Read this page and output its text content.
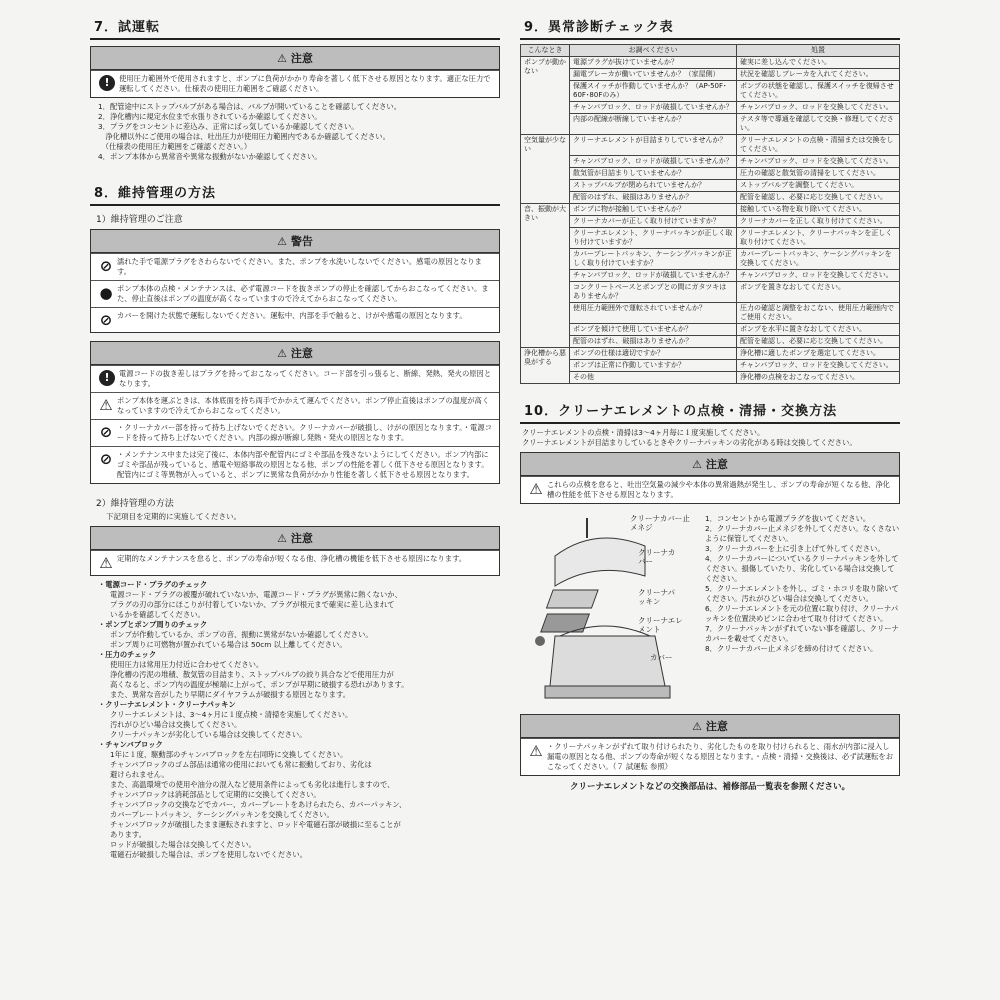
7．試運転
⚠ 注意
!	使用圧力範囲外で使用されますと、ポンプに負荷がかかり寿命を著しく低下させる原因となります。適正な圧力で運転してください。仕様表の使用圧力範囲をご確認ください。
1．配管途中にストップバルブがある場合は、バルブが開いていることを確認してください。
2．浄化槽内に規定水位まで水張りされているか確認してください。
3．プラグをコンセントに差込み、正常にばっ気しているか確認してください。
　浄化槽以外にご使用の場合は、吐出圧力が使用圧力範囲内であるか確認してください。
　（仕様表の使用圧力範囲をご確認ください。）
4．ポンプ本体から異常音や異常な振動がないか確認してください。
8．維持管理の方法
1）維持管理のご注意
⚠ 警告
⊘ 濡れた手で電源プラグをさわらないでください。また、ポンプを水洗いしないでください。感電の原因となります。
● ポンプ本体の点検・メンテナンスは、必ず電源コードを抜きポンプの停止を確認してからおこなってください。また、停止直後はポンプの温度が高くなっていますので冷えてからおこなってください。
⊘ カバーを開けた状態で運転しないでください。運転中、内部を手で触ると、けがや感電の原因となります。
⚠ 注意
!	電源コードの抜き差しはプラグを持っておこなってください。コード部を引っ張ると、断線、発熱、発火の原因となります。
⚠ ポンプ本体を運ぶときは、本体底面を持ち両手でかかえて運んでください。ポンプ停止直後はポンプの温度が高くなっていますので冷えてからおこなってください。
⊘ ・クリーナカバー部を持って持ち上げないでください。クリーナカバーが破損し、けがの原因となります。・電源コードを持って持ち上げないでください。内部の線が断線し発熱・発火の原因となります。
⊘ ・メンテナンス中または完了後に、本体内部や配管内にゴミや部品を残さないようにしてください。ポンプ内部にゴミや部品が残っていると、感電や短絡事故の原因となる他、ポンプの性能を著しく低下させる原因となります。配管内にゴミ等異物が入っていると、ポンプに異常な負荷がかかり性能を著しく低下させる原因となります。
2）維持管理の方法
下記項目を定期的に実施してください。
⚠ 注意
⚠ 定期的なメンテナンスを怠ると、ポンプの寿命が短くなる他、浄化槽の機能を低下させる原因になります。
・電源コード・プラグのチェック
電源コード・プラグの被覆が破れていないか、電源コード・プラグが異常に熱くないか、
プラグの刃の部分にほこりが付着していないか、プラグが根元まで確実に差し込まれて
いるかを確認してください。
・ポンプとポンプ周りのチェック
ポンプが作動しているか、ポンプの音、振動に異常がないか確認してください。
ポンプ周りに可燃物が置かれている場合は 50cm 以上離してください。
・圧力のチェック
使用圧力は常用圧力付近に合わせてください。
浄化槽の汚泥の堆積、散気管の目詰まり、ストップバルブの絞り具合などで使用圧力が
高くなると、ポンプ内の温度が極端に上がって、ポンプが早期に破損する恐れがあります。
また、異常な音がしたり早期にダイヤフラムが破損する原因となります。
・クリーナエレメント・クリーナパッキン
クリーナエレメントは、3～4ヶ月に１度点検・清掃を実施してください。
汚れがひどい場合は交換してください。
クリーナパッキンが劣化している場合は交換してください。
・チャンバブロック
1年に１度、駆動部のチャンバブロックを左右同時に交換してください。
チャンバブロックのゴム部品は通常の使用においても常に振動しており、劣化は
避けられません。
また、高温環境での使用や油分の混入など使用条件によっても劣化は進行しますので、
チャンバブロックは消耗部品として定期的に交換してください。
チャンバブロックの交換などでカバー、カバープレートをあけられたら、カバーパッキン、
カバープレートパッキン、ケーシングパッキンを交換してください。
チャンバブロックが破損したまま運転されますと、ロッドや電磁石部が破損に至ることが
あります。
ロッドが破損した場合は交換してください。
電磁石が破損した場合は、ポンプを使用しないでください。
9．異常診断チェック表
こんなとき	お調べください	処置
ポンプが動かない	電源プラグが抜けていませんか？	確実に差し込んでください。
	漏電ブレーカが働いていませんか？（家屋側）	状況を確認しブレーカを入れてください。
	保護スイッチが作動していませんか？（AP-50F･60F･80Fのみ）	ポンプの状態を確認し、保護スイッチを復帰させてください。
	チャンバブロック、ロッドが破損していませんか？	チャンバブロック、ロッドを交換してください。
	内部の配線が断線していませんか？	テスタ等で導通を確認して交換・修理してください。
空気量が少ない	クリーナエレメントが目詰まりしていませんか？	クリーナエレメントの点検・清掃または交換をしてください。
	チャンバブロック、ロッドが破損していませんか？	チャンバブロック、ロッドを交換してください。
	散気管が目詰まりしていませんか？	圧力の確認と散気管の清掃をしてください。
	ストップバルブが閉められていませんか？	ストップバルブを調整してください。
	配管のはずれ、破損はありませんか？	配管を確認し、必要に応じ交換してください。
音、振動が大きい	ポンプに物が接触していませんか？	接触している物を取り除いてください。
	クリーナカバーが正しく取り付けていますか？	クリーナカバーを正しく取り付けてください。
	クリーナエレメント、クリーナパッキンが正しく取り付けていますか？	クリーナエレメント、クリーナパッキンを正しく取り付けてください。
	カバープレートパッキン、ケーシングパッキンが正しく取り付けていますか？	カバープレートパッキン、ケーシングパッキンを交換してください。
	チャンバブロック、ロッドが破損していませんか？	チャンバブロック、ロッドを交換してください。
	コンクリートベースとポンプとの間にガタツキはありませんか？	ポンプを置きなおしてください。
	使用圧力範囲外で運転されていませんか？	圧力の確認と調整をおこない、使用圧力範囲内でご使用ください。
	ポンプを傾けて使用していませんか？	ポンプを水平に置きなおしてください。
	配管のはずれ、破損はありませんか？	配管を確認し、必要に応じ交換してください。
浄化槽から悪臭がする	ポンプの仕様は適切ですか？	浄化槽に適したポンプを選定してください。
	ポンプは正常に作動していますか？	チャンバブロック、ロッドを交換してください。
	その他	浄化槽の点検をおこなってください。
10．クリーナエレメントの点検・清掃・交換方法
クリーナエレメントの点検・清掃は3～4ヶ月毎に１度実施してください。
クリーナエレメントが目詰まりしているときやクリーナパッキンの劣化がある時は交換してください。
⚠ 注意
⚠ これらの点検を怠ると、吐出空気量の減少や本体の異常過熱が発生し、ポンプの寿命が短くなる他、浄化槽の性能を低下させる原因となります。
クリーナカバー止メネジ
クリーナカバー
クリーナパッキン
クリーナエレメント
カバー
1．コンセントから電源プラグを抜いてください。
2．クリーナカバー止メネジを外してください。なくさないように保管してください。
3．クリーナカバーを上に引き上げて外してください。
4．クリーナカバーについているクリーナパッキンを外してください。損傷していたり、劣化している場合は交換してください。
5．クリーナエレメントを外し、ゴミ・ホコリを取り除いてください。汚れがひどい場合は交換してください。
6．クリーナエレメントを元の位置に取り付け、クリーナパッキンを位置決めピンに合わせて取り付けてください。
7．クリーナパッキンがずれていない事を確認し、クリーナカバーを載せてください。
8．クリーナカバー止メネジを締め付けてください。
⚠ 注意
⚠ ・クリーナパッキンがずれて取り付けられたり、劣化したものを取り付けられると、雨水が内部に浸入し漏電の原因となる他、ポンプの寿命が短くなる原因となります。・点検・清掃・交換後は、必ず試運転をおこなってください。（７ 試運転 参照）
クリーナエレメントなどの交換部品は、補修部品一覧表を参照ください。
